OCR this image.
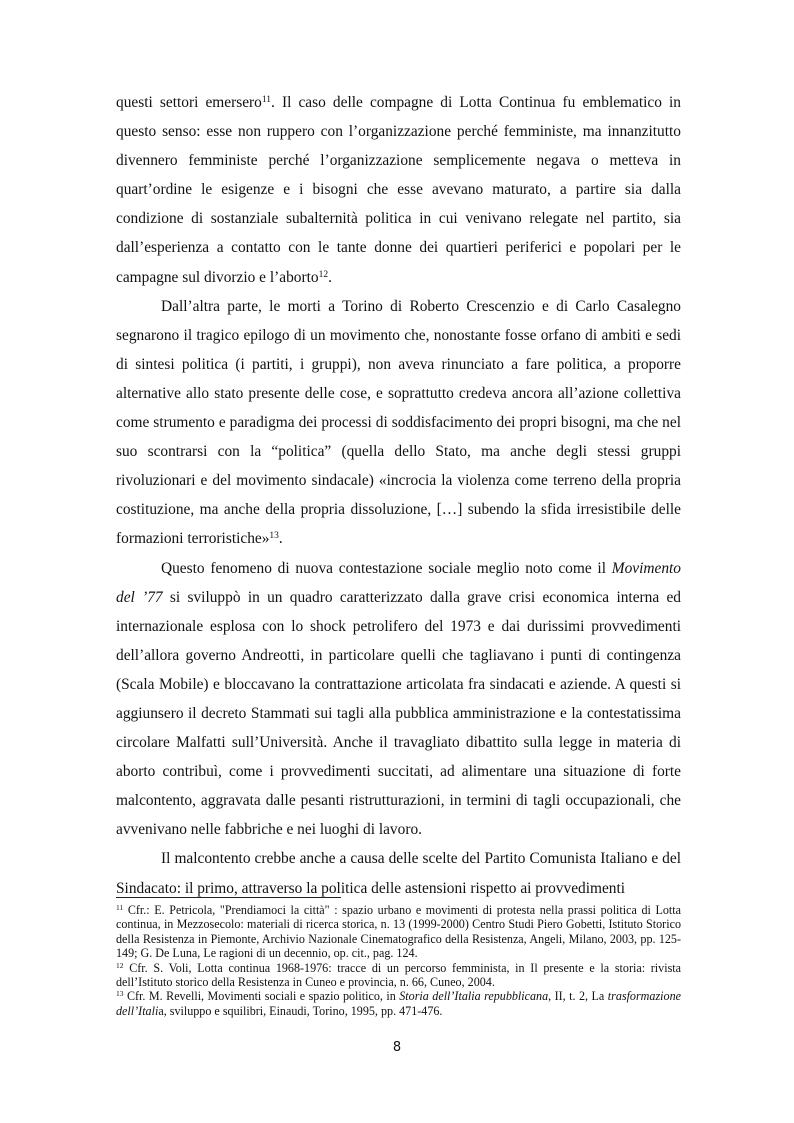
questi settori emersero$^{11}$. Il caso delle compagne di Lotta Continua fu emblematico in questo senso: esse non ruppero con l’organizzazione perché femministe, ma innanzitutto divennero femministe perché l’organizzazione semplicemente negava o metteva in quart’ordine le esigenze e i bisogni che esse avevano maturato, a partire sia dalla condizione di sostanziale subalternità politica in cui venivano relegate nel partito, sia dall’esperienza a contatto con le tante donne dei quartieri periferici e popolari per le campagne sul divorzio e l’aborto$^{12}$.

Dall’altra parte, le morti a Torino di Roberto Crescenzio e di Carlo Casalegno segnarono il tragico epilogo di un movimento che, nonostante fosse orfano di ambiti e sedi di sintesi politica (i partiti, i gruppi), non aveva rinunciato a fare politica, a proporre alternative allo stato presente delle cose, e soprattutto credeva ancora all’azione collettiva come strumento e paradigma dei processi di soddisfacimento dei propri bisogni, ma che nel suo scontrarsi con la “politica” (quella dello Stato, ma anche degli stessi gruppi rivoluzionari e del movimento sindacale) «incrocia la violenza come terreno della propria costituzione, ma anche della propria dissoluzione, […] subendo la sfida irresistibile delle formazioni terroristiche»$^{13}$.

Questo fenomeno di nuova contestazione sociale meglio noto come il Movimento del ’77 si sviluppò in un quadro caratterizzato dalla grave crisi economica interna ed internazionale esplosa con lo shock petrolifero del 1973 e dai durissimi provvedimenti dell’allora governo Andreotti, in particolare quelli che tagliavano i punti di contingenza (Scala Mobile) e bloccavano la contrattazione articolata fra sindacati e aziende. A questi si aggiunsero il decreto Stammati sui tagli alla pubblica amministrazione e la contestatissima circolare Malfatti sull’Università. Anche il travagliato dibattito sulla legge in materia di aborto contribuì, come i provvedimenti succitati, ad alimentare una situazione di forte malcontento, aggravata dalle pesanti ristrutturazioni, in termini di tagli occupazionali, che avvenivano nelle fabbriche e nei luoghi di lavoro.

Il malcontento crebbe anche a causa delle scelte del Partito Comunista Italiano e del Sindacato: il primo, attraverso la politica delle astensioni rispetto ai provvedimenti

$^{11}$ Cfr.: E. Petricola, "Prendiamoci la città" : spazio urbano e movimenti di protesta nella prassi politica di Lotta continua, in Mezzosecolo: materiali di ricerca storica, n. 13 (1999-2000) Centro Studi Piero Gobetti, Istituto Storico della Resistenza in Piemonte, Archivio Nazionale Cinematografico della Resistenza, Angeli, Milano, 2003, pp. 125-149; G. De Luna, Le ragioni di un decennio, op. cit., pag. 124.

$^{12}$ Cfr. S. Voli, Lotta continua 1968-1976: tracce di un percorso femminista, in Il presente e la storia: rivista dell’Istituto storico della Resistenza in Cuneo e provincia, n. 66, Cuneo, 2004.

$^{13}$ Cfr. M. Revelli, Movimenti sociali e spazio politico, in Storia dell’Italia repubblicana, II, t. 2, La trasformazione dell’Italia, sviluppo e squilibri, Einaudi, Torino, 1995, pp. 471-476.

8
